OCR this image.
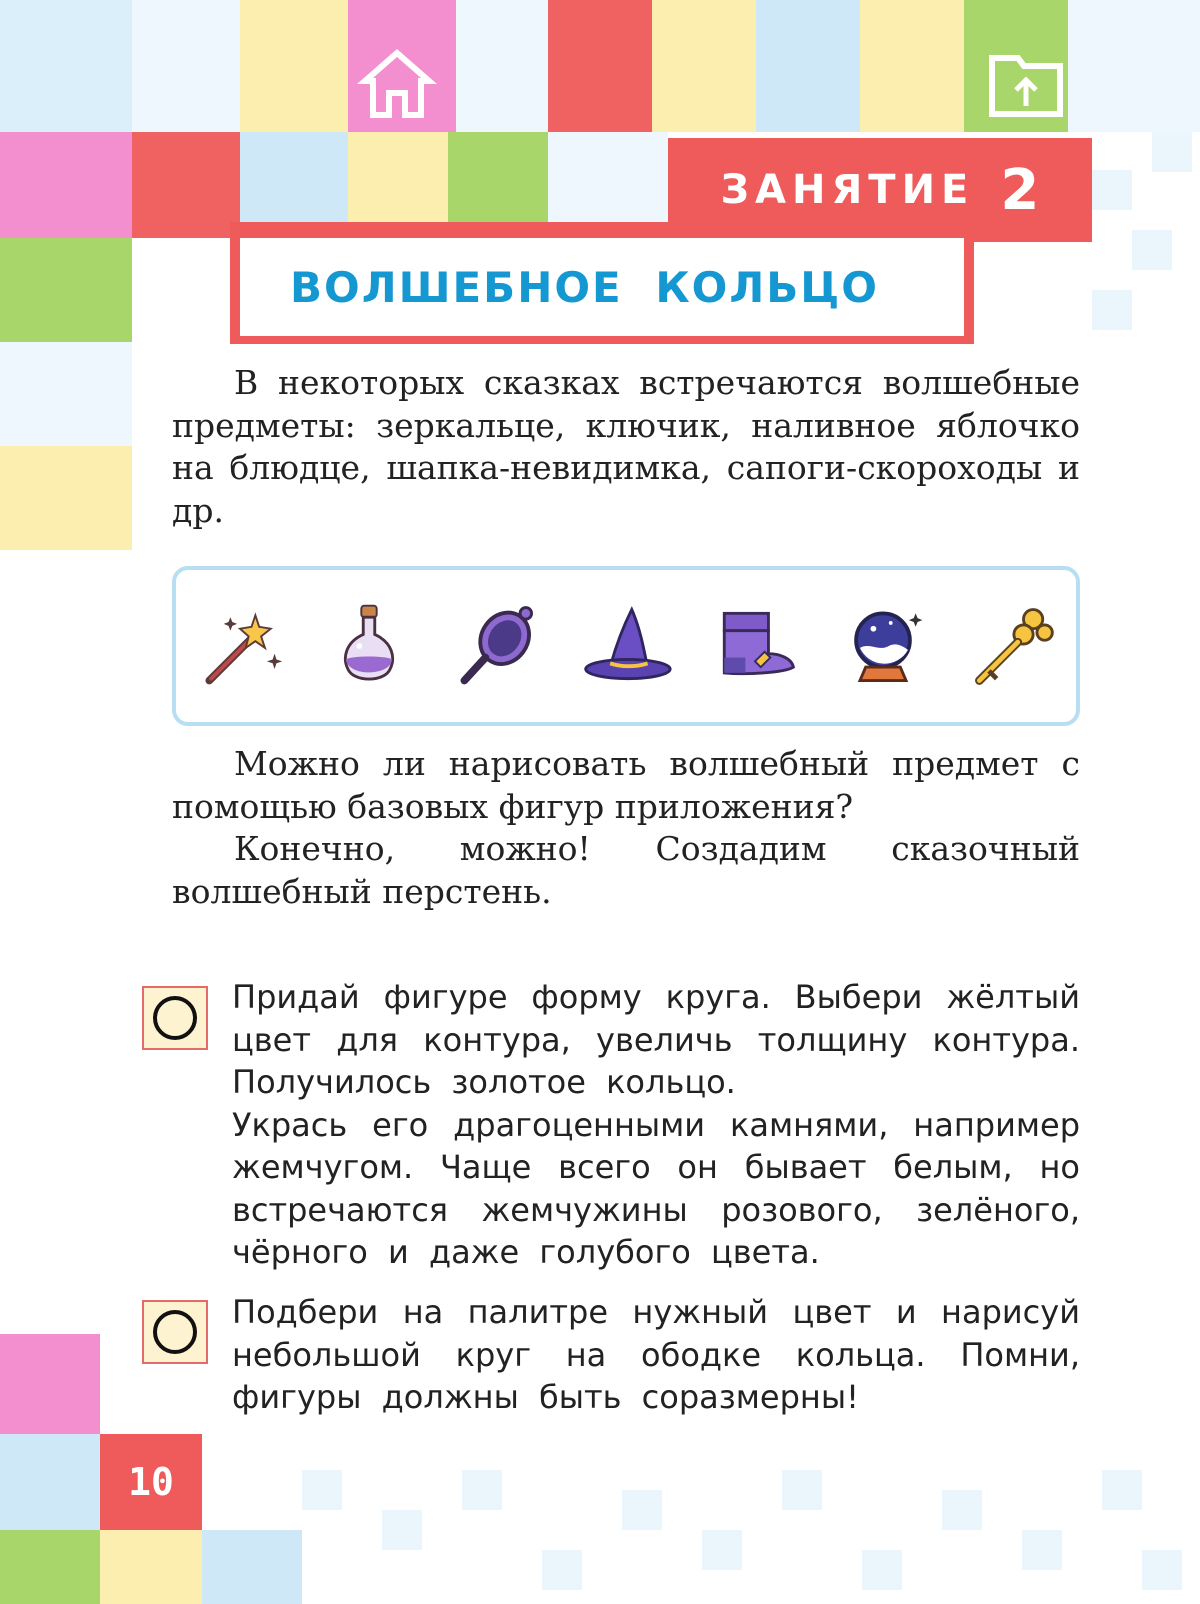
ЗАНЯТИЕ 2
ВОЛШЕБНОЕ КОЛЬЦО

В некоторых сказках встречаются волшебные предметы: зеркальце, ключик, наливное яблочко на блюдце, шапка-невидимка, сапоги-скороходы и др.

Можно ли нарисовать волшебный предмет с помощью базовых фигур приложения?

Конечно, можно! Создадим сказочный волшебный перстень.

Придай фигуре форму круга. Выбери жёлтый цвет для контура, увеличь толщину контура. Получилось золотое кольцо.

Укрась его драгоценными камнями, например жемчугом. Чаще всего он бывает белым, но встречаются жемчужины розового, зелёного, чёрного и даже голубого цвета.

Подбери на палитре нужный цвет и нарисуй небольшой круг на ободке кольца. Помни, фигуры должны быть соразмерны!

10
